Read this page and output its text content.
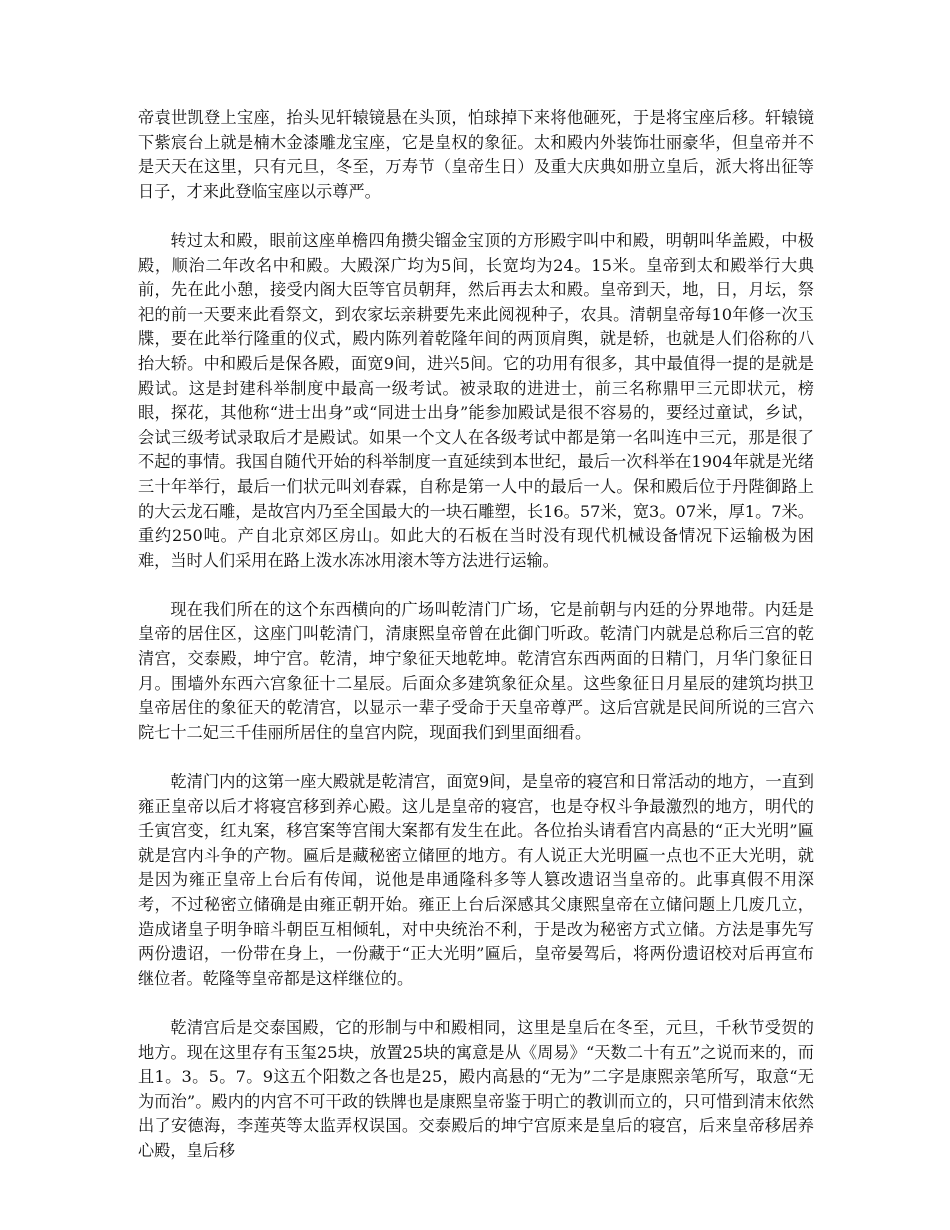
帝袁世凯登上宝座，抬头见轩辕镜悬在头顶，怕球掉下来将他砸死，于是将宝座后移。轩辕镜下紫宸台上就是楠木金漆雕龙宝座，它是皇权的象征。太和殿内外装饰壮丽豪华，但皇帝并不是天天在这里，只有元旦，冬至，万寿节（皇帝生日）及重大庆典如册立皇后，派大将出征等日子，才来此登临宝座以示尊严。

转过太和殿，眼前这座单檐四角攒尖镏金宝顶的方形殿宇叫中和殿，明朝叫华盖殿，中极殿，顺治二年改名中和殿。大殿深广均为5间，长宽均为24。15米。皇帝到太和殿举行大典前，先在此小憩，接受内阁大臣等官员朝拜，然后再去太和殿。皇帝到天，地，日，月坛，祭祀的前一天要来此看祭文，到农家坛亲耕要先来此阅视种子，农具。清朝皇帝每10年修一次玉牒，要在此举行隆重的仪式，殿内陈列着乾隆年间的两顶肩舆，就是轿，也就是人们俗称的八抬大轿。中和殿后是保各殿，面宽9间，进兴5间。它的功用有很多，其中最值得一提的是就是殿试。这是封建科举制度中最高一级考试。被录取的进进士，前三名称鼎甲三元即状元，榜眼，探花，其他称“进士出身”或“同进士出身”能参加殿试是很不容易的，要经过童试，乡试，会试三级考试录取后才是殿试。如果一个文人在各级考试中都是第一名叫连中三元，那是很了不起的事情。我国自随代开始的科举制度一直延续到本世纪，最后一次科举在1904年就是光绪三十年举行，最后一们状元叫刘春霖，自称是第一人中的最后一人。保和殿后位于丹陛御路上的大云龙石雕，是故宫内乃至全国最大的一块石雕塑，长16。57米，宽3。07米，厚1。7米。重约250吨。产自北京郊区房山。如此大的石板在当时没有现代机械设备情况下运输极为困难，当时人们采用在路上泼水冻冰用滚木等方法进行运输。

现在我们所在的这个东西横向的广场叫乾清门广场，它是前朝与内廷的分界地带。内廷是皇帝的居住区，这座门叫乾清门，清康熙皇帝曾在此御门听政。乾清门内就是总称后三宫的乾清宫，交泰殿，坤宁宫。乾清，坤宁象征天地乾坤。乾清宫东西两面的日精门，月华门象征日月。围墙外东西六宫象征十二星辰。后面众多建筑象征众星。这些象征日月星辰的建筑均拱卫皇帝居住的象征天的乾清宫，以显示一辈子受命于天皇帝尊严。这后宫就是民间所说的三宫六院七十二妃三千佳丽所居住的皇宫内院，现面我们到里面细看。

乾清门内的这第一座大殿就是乾清宫，面宽9间，是皇帝的寝宫和日常活动的地方，一直到雍正皇帝以后才将寝宫移到养心殿。这儿是皇帝的寝宫，也是夺权斗争最激烈的地方，明代的壬寅宫变，红丸案，移宫案等宫闱大案都有发生在此。各位抬头请看宫内高悬的“正大光明”匾就是宫内斗争的产物。匾后是藏秘密立储匣的地方。有人说正大光明匾一点也不正大光明，就是因为雍正皇帝上台后有传闻，说他是串通隆科多等人篡改遗诏当皇帝的。此事真假不用深考，不过秘密立储确是由雍正朝开始。雍正上台后深感其父康熙皇帝在立储问题上几废几立，造成诸皇子明争暗斗朝臣互相倾轧，对中央统治不利，于是改为秘密方式立储。方法是事先写两份遗诏，一份带在身上，一份藏于“正大光明”匾后，皇帝晏驾后，将两份遗诏校对后再宣布继位者。乾隆等皇帝都是这样继位的。

乾清宫后是交泰国殿，它的形制与中和殿相同，这里是皇后在冬至，元旦，千秋节受贺的地方。现在这里存有玉玺25块，放置25块的寓意是从《周易》“天数二十有五”之说而来的，而且1。3。5。7。9这五个阳数之各也是25，殿内高悬的“无为”二字是康熙亲笔所写，取意“无为而治”。殿内的内宫不可干政的铁牌也是康熙皇帝鉴于明亡的教训而立的，只可惜到清末依然出了安德海，李莲英等太监弄权误国。交泰殿后的坤宁宫原来是皇后的寝宫，后来皇帝移居养心殿，皇后移
